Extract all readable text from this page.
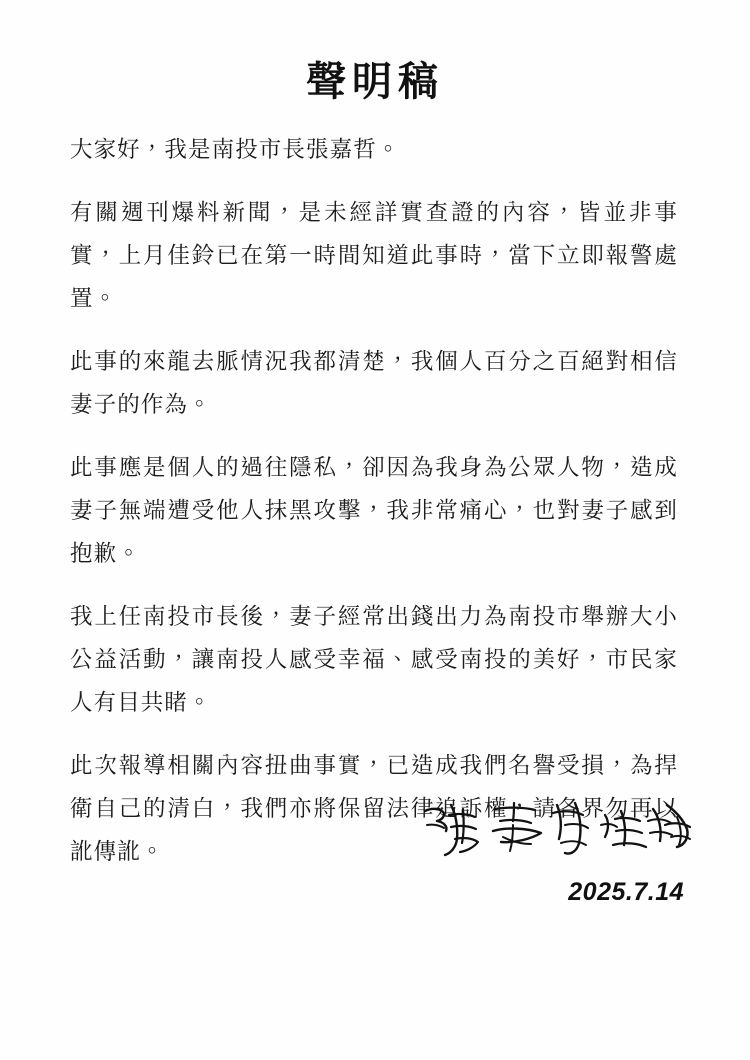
聲明稿

大家好，我是南投市長張嘉哲。

有關週刊爆料新聞，是未經詳實查證的內容，皆並非事實，上月佳鈴已在第一時間知道此事時，當下立即報警處置。

此事的來龍去脈情況我都清楚，我個人百分之百絕對相信妻子的作為。

此事應是個人的過往隱私，卻因為我身為公眾人物，造成妻子無端遭受他人抹黑攻擊，我非常痛心，也對妻子感到抱歉。

我上任南投市長後，妻子經常出錢出力為南投市舉辦大小公益活動，讓南投人感受幸福、感受南投的美好，市民家人有目共睹。

此次報導相關內容扭曲事實，已造成我們名譽受損，為捍衛自己的清白，我們亦將保留法律追訴權，請各界勿再以訛傳訛。

2025.7.14
